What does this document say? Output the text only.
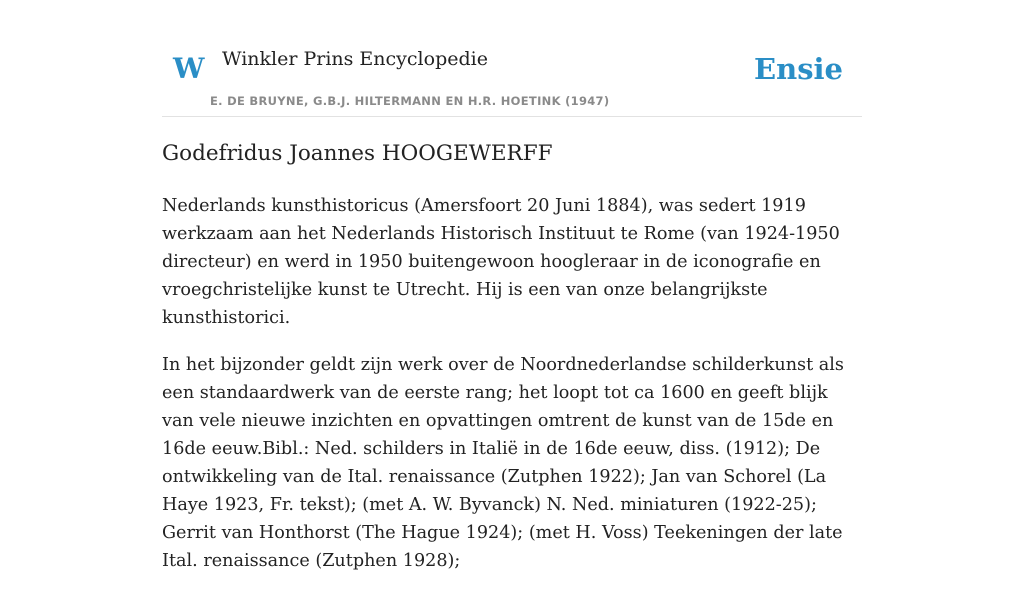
W Winkler Prins Encyclopedie
E. DE BRUYNE, G.B.J. HILTERMANN EN H.R. HOETINK (1947)
Ensie
Godefridus Joannes HOOGEWERFF

Nederlands kunsthistoricus (Amersfoort 20 Juni 1884), was sedert 1919 werkzaam aan het Nederlands Historisch Instituut te Rome (van 1924-1950 directeur) en werd in 1950 buitengewoon hoogleraar in de iconografie en vroegchristelijke kunst te Utrecht. Hij is een van onze belangrijkste kunsthistorici.

In het bijzonder geldt zijn werk over de Noordnederlandse schilderkunst als een standaardwerk van de eerste rang; het loopt tot ca 1600 en geeft blijk van vele nieuwe inzichten en opvattingen omtrent de kunst van de 15de en 16de eeuw.Bibl.: Ned. schilders in Italië in de 16de eeuw, diss. (1912); De ontwikkeling van de Ital. renaissance (Zutphen 1922); Jan van Schorel (La Haye 1923, Fr. tekst); (met A. W. Byvanck) N. Ned. miniaturen (1922-25); Gerrit van Honthorst (The Hague 1924); (met H. Voss) Teekeningen der late Ital. renaissance (Zutphen 1928);
